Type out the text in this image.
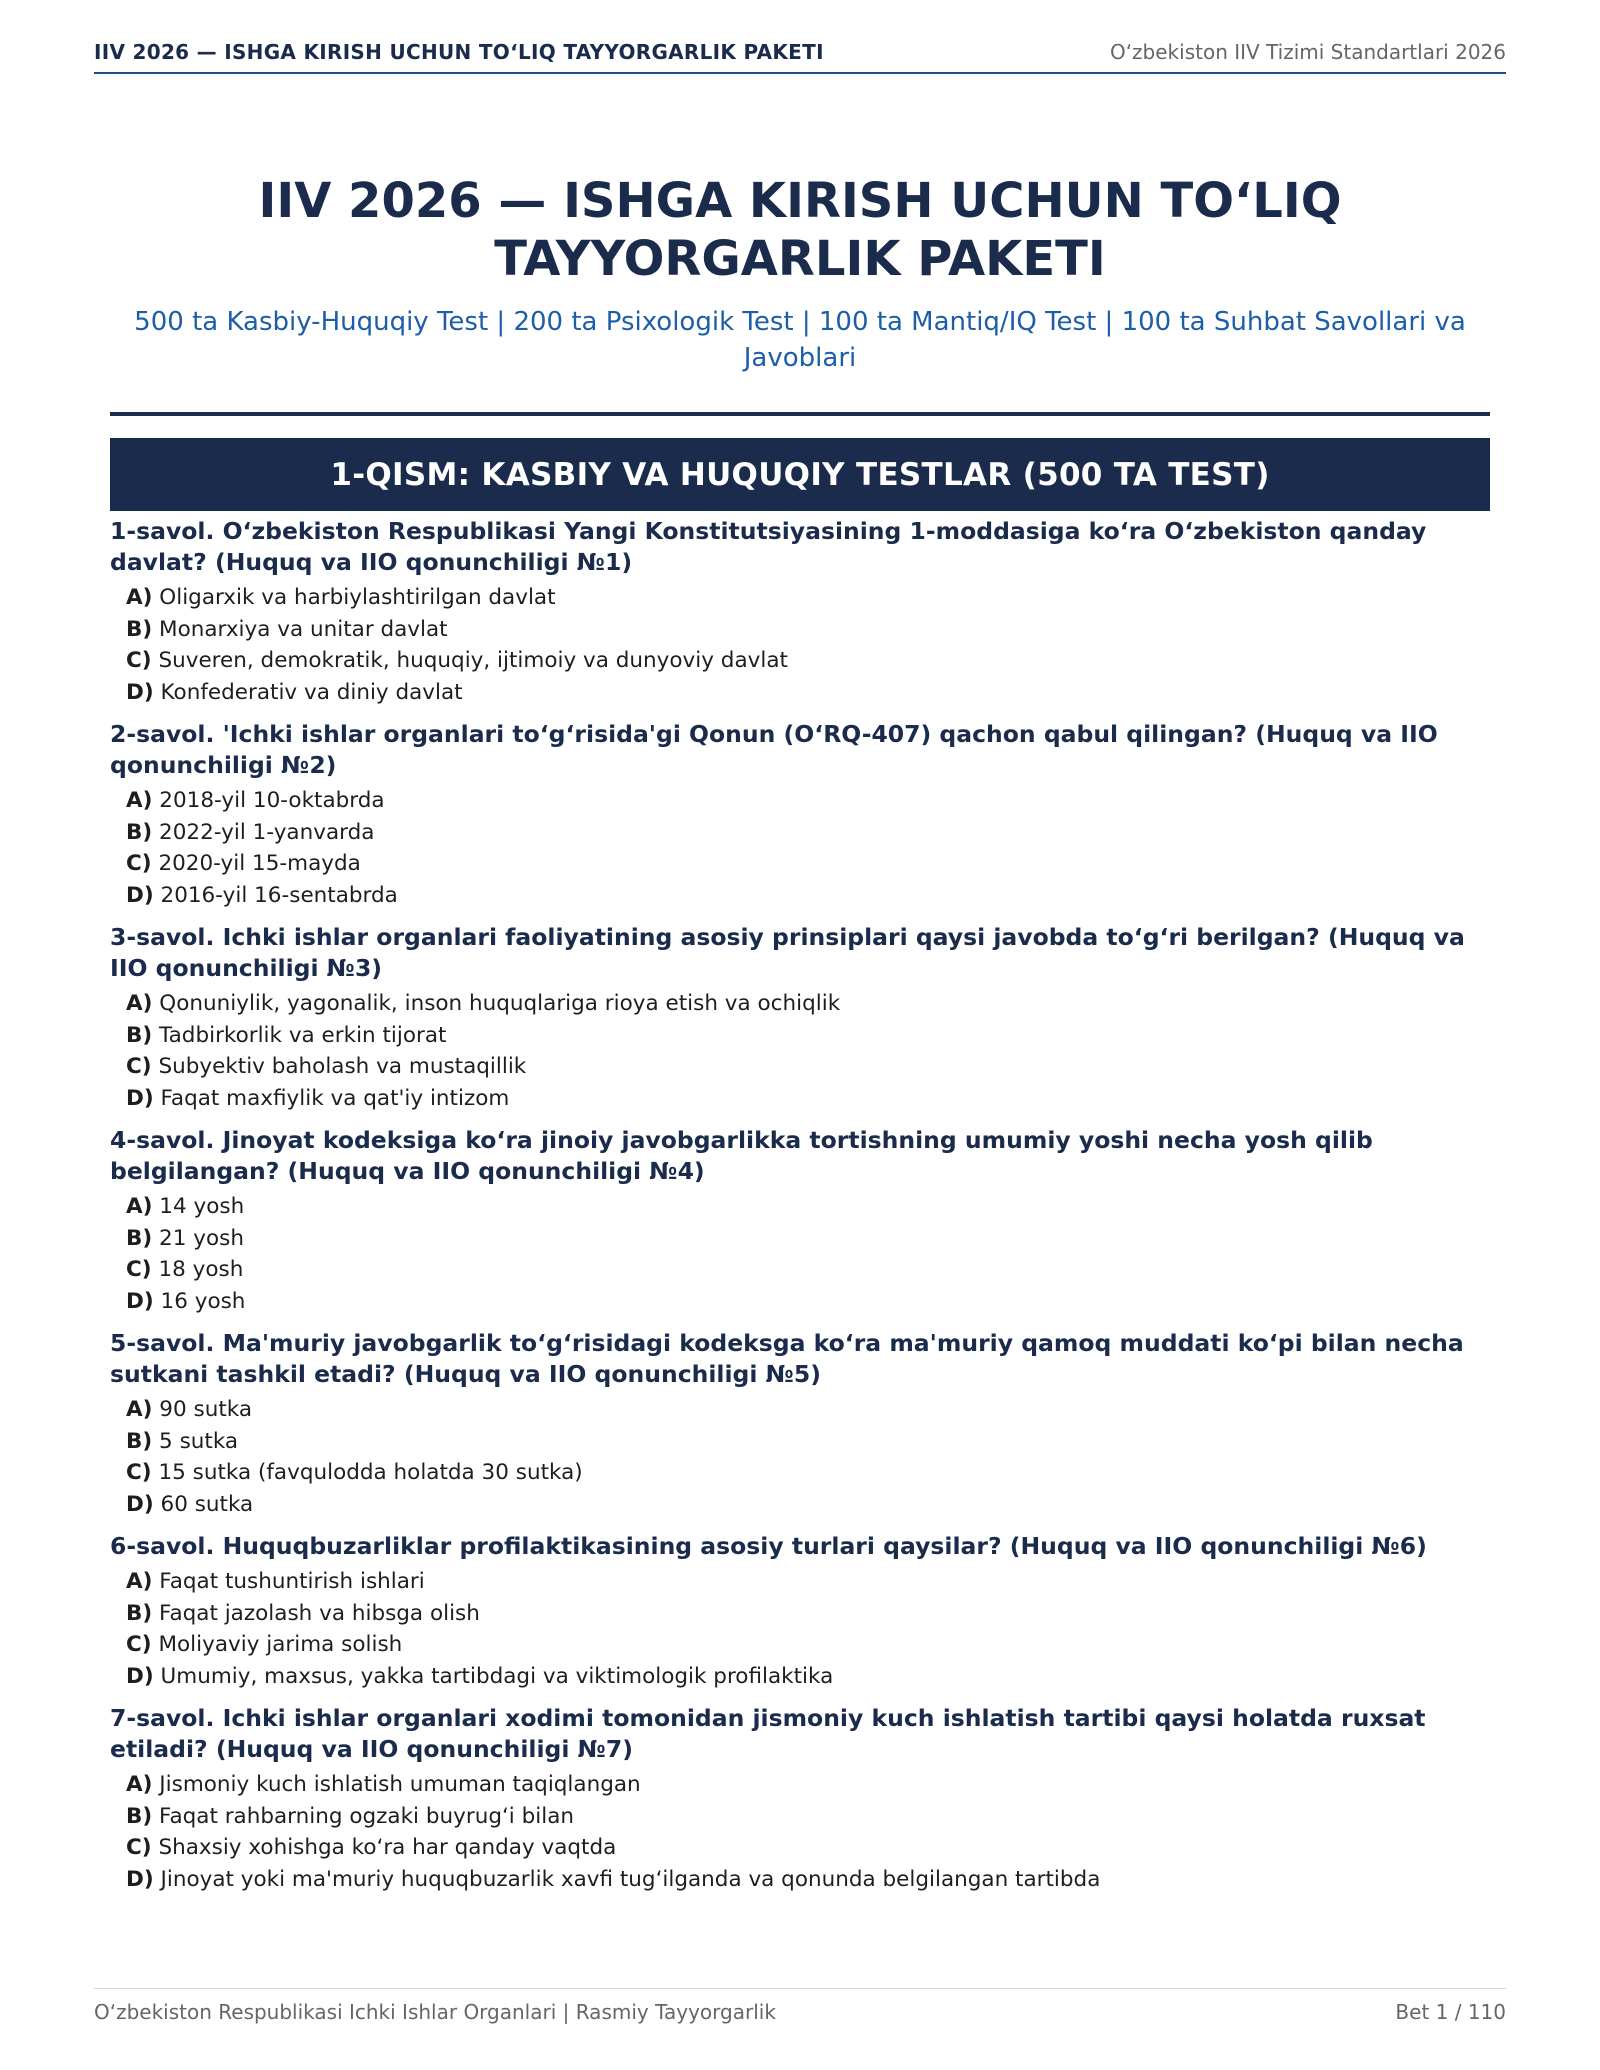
IIV 2026 — ISHGA KIRISH UCHUN TO‘LIQ TAYYORGARLIK PAKETI	O‘zbekiston IIV Tizimi Standartlari 2026
IIV 2026 — ISHGA KIRISH UCHUN TO‘LIQ TAYYORGARLIK PAKETI

500 ta Kasbiy-Huquqiy Test | 200 ta Psixologik Test | 100 ta Mantiq/IQ Test | 100 ta Suhbat Savollari va Javoblari

1-QISM: KASBIY VA HUQUQIY TESTLAR (500 TA TEST)

1-savol. O‘zbekiston Respublikasi Yangi Konstitutsiyasining 1-moddasiga ko‘ra O‘zbekiston qanday davlat? (Huquq va IIO qonunchiligi №1)

A) Oligarxik va harbiylashtirilgan davlat
B) Monarxiya va unitar davlat
C) Suveren, demokratik, huquqiy, ijtimoiy va dunyoviy davlat
D) Konfederativ va diniy davlat

2-savol. 'Ichki ishlar organlari to‘g‘risida'gi Qonun (O‘RQ-407) qachon qabul qilingan? (Huquq va IIO qonunchiligi №2)

A) 2018-yil 10-oktabrda
B) 2022-yil 1-yanvarda
C) 2020-yil 15-mayda
D) 2016-yil 16-sentabrda

3-savol. Ichki ishlar organlari faoliyatining asosiy prinsiplari qaysi javobda to‘g‘ri berilgan? (Huquq va IIO qonunchiligi №3)

A) Qonuniylik, yagonalik, inson huquqlariga rioya etish va ochiqlik
B) Tadbirkorlik va erkin tijorat
C) Subyektiv baholash va mustaqillik
D) Faqat maxfiylik va qat'iy intizom

4-savol. Jinoyat kodeksiga ko‘ra jinoiy javobgarlikka tortishning umumiy yoshi necha yosh qilib belgilangan? (Huquq va IIO qonunchiligi №4)

A) 14 yosh
B) 21 yosh
C) 18 yosh
D) 16 yosh

5-savol. Ma'muriy javobgarlik to‘g‘risidagi kodeksga ko‘ra ma'muriy qamoq muddati ko‘pi bilan necha sutkani tashkil etadi? (Huquq va IIO qonunchiligi №5)

A) 90 sutka
B) 5 sutka
C) 15 sutka (favqulodda holatda 30 sutka)
D) 60 sutka

6-savol. Huquqbuzarliklar profilaktikasining asosiy turlari qaysilar? (Huquq va IIO qonunchiligi №6)

A) Faqat tushuntirish ishlari
B) Faqat jazolash va hibsga olish
C) Moliyaviy jarima solish
D) Umumiy, maxsus, yakka tartibdagi va viktimologik profilaktika

7-savol. Ichki ishlar organlari xodimi tomonidan jismoniy kuch ishlatish tartibi qaysi holatda ruxsat etiladi? (Huquq va IIO qonunchiligi №7)

A) Jismoniy kuch ishlatish umuman taqiqlangan
B) Faqat rahbarning ogzaki buyrug‘i bilan
C) Shaxsiy xohishga ko‘ra har qanday vaqtda
D) Jinoyat yoki ma'muriy huquqbuzarlik xavfi tug‘ilganda va qonunda belgilangan tartibda
O‘zbekiston Respublikasi Ichki Ishlar Organlari | Rasmiy Tayyorgarlik	Bet 1 / 110
